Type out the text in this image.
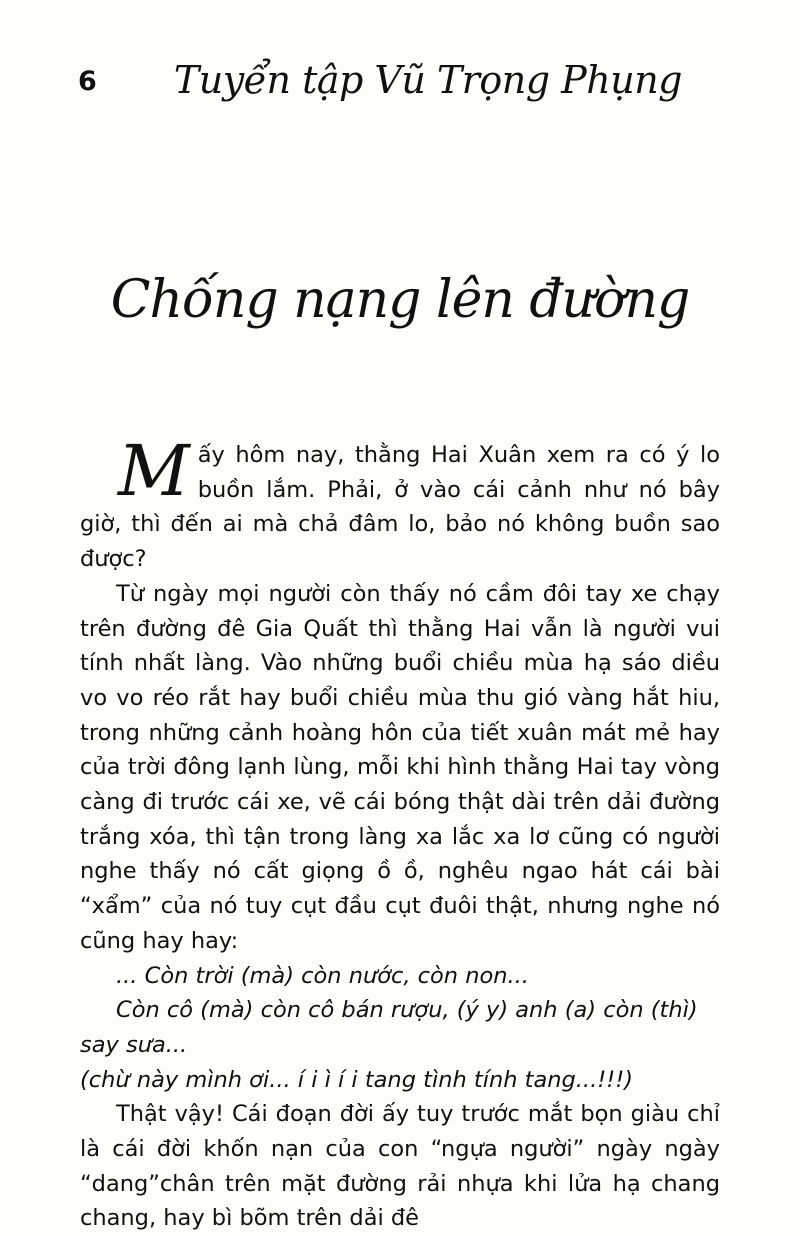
6 Tuyển tập Vũ Trọng Phụng
Chống nạng lên đường

Mấy hôm nay, thằng Hai Xuân xem ra có ý lo buồn lắm. Phải, ở vào cái cảnh như nó bây giờ, thì đến ai mà chả đâm lo, bảo nó không buồn sao được?

Từ ngày mọi người còn thấy nó cầm đôi tay xe chạy trên đường đê Gia Quất thì thằng Hai vẫn là người vui tính nhất làng. Vào những buổi chiều mùa hạ sáo diều vo vo réo rắt hay buổi chiều mùa thu gió vàng hắt hiu, trong những cảnh hoàng hôn của tiết xuân mát mẻ hay của trời đông lạnh lùng, mỗi khi hình thằng Hai tay vòng càng đi trước cái xe, vẽ cái bóng thật dài trên dải đường trắng xóa, thì tận trong làng xa lắc xa lơ cũng có người nghe thấy nó cất giọng ồ ồ, nghêu ngao hát cái bài “xẩm” của nó tuy cụt đầu cụt đuôi thật, nhưng nghe nó cũng hay hay:

... Còn trời (mà) còn nước, còn non...

Còn cô (mà) còn cô bán rượu, (ý y) anh (a) còn (thì) say sưa...

(chừ này mình ơi... í i ì í i tang tình tính tang...!!!)

Thật vậy! Cái đoạn đời ấy tuy trước mắt bọn giàu chỉ là cái đời khốn nạn của con “ngựa người” ngày ngày “dang”chân trên mặt đường rải nhựa khi lửa hạ chang chang, hay bì bõm trên dải đê
